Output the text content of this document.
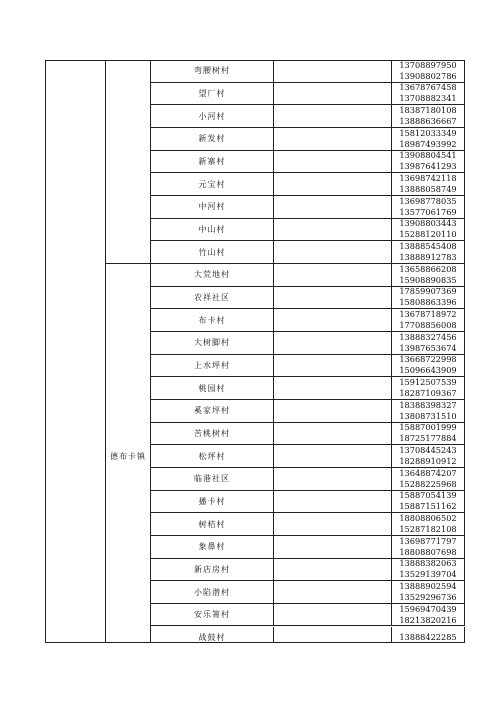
德布卡镇
弯腰树村
13708897950
13908802786
望厂村
13678767458
13708882341
小河村
18387180108
13888636667
新发村
15812033349
18987493992
新寨村
13908804541
13987641293
元宝村
13698742118
13888058749
中河村
13698778035
13577061769
中山村
13908803443
15288120110
竹山村
13888545408
13888912783
大荒地村
13658866208
15908890835
农祥社区
17859907369
15808863396
布卡村
13678718972
17708856008
大树脚村
13888327456
13987653674
上水坪村
13668722998
15096643909
桃园村
15912507539
18287109367
奚家坪村
18388398327
13808731510
苦桃树村
15887001999
18725177884
松坪村
13708445243
18288910912
临港社区
13648874207
15288225968
播卡村
15887054139
15887151162
树桔村
18808806502
15287182108
象鼻村
13698771797
18808807698
新店房村
13888382063
13529139704
小陷潜村
13888902594
13529296736
安乐箐村
15969470439
18213820216
战鼓村	13888422285
